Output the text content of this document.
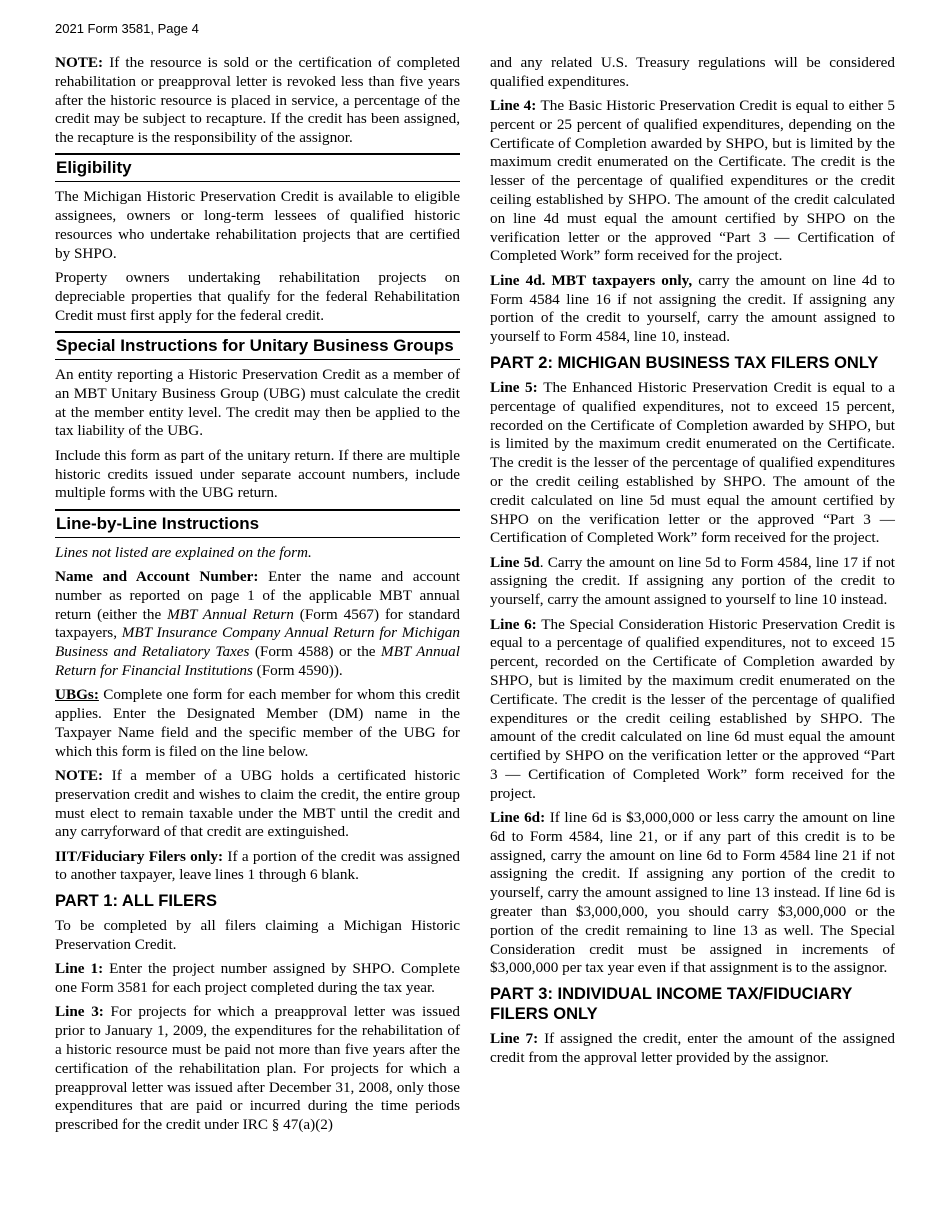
2021 Form 3581, Page 4

NOTE: If the resource is sold or the certification of completed rehabilitation or preapproval letter is revoked less than five years after the historic resource is placed in service, a percentage of the credit may be subject to recapture. If the credit has been assigned, the recapture is the responsibility of the assignor.

Eligibility

The Michigan Historic Preservation Credit is available to eligible assignees, owners or long-term lessees of qualified historic resources who undertake rehabilitation projects that are certified by SHPO.

Property owners undertaking rehabilitation projects on depreciable properties that qualify for the federal Rehabilitation Credit must first apply for the federal credit.

Special Instructions for Unitary Business Groups

An entity reporting a Historic Preservation Credit as a member of an MBT Unitary Business Group (UBG) must calculate the credit at the member entity level. The credit may then be applied to the tax liability of the UBG.

Include this form as part of the unitary return. If there are multiple historic credits issued under separate account numbers, include multiple forms with the UBG return.

Line-by-Line Instructions

Lines not listed are explained on the form.

Name and Account Number: Enter the name and account number as reported on page 1 of the applicable MBT annual return (either the MBT Annual Return (Form 4567) for standard taxpayers, MBT Insurance Company Annual Return for Michigan Business and Retaliatory Taxes (Form 4588) or the MBT Annual Return for Financial Institutions (Form 4590)).

UBGs: Complete one form for each member for whom this credit applies. Enter the Designated Member (DM) name in the Taxpayer Name field and the specific member of the UBG for which this form is filed on the line below.

NOTE: If a member of a UBG holds a certificated historic preservation credit and wishes to claim the credit, the entire group must elect to remain taxable under the MBT until the credit and any carryforward of that credit are extinguished.

IIT/Fiduciary Filers only: If a portion of the credit was assigned to another taxpayer, leave lines 1 through 6 blank.

PART 1: ALL FILERS

To be completed by all filers claiming a Michigan Historic Preservation Credit.

Line 1: Enter the project number assigned by SHPO. Complete one Form 3581 for each project completed during the tax year.

Line 3: For projects for which a preapproval letter was issued prior to January 1, 2009, the expenditures for the rehabilitation of a historic resource must be paid not more than five years after the certification of the rehabilitation plan. For projects for which a preapproval letter was issued after December 31, 2008, only those expenditures that are paid or incurred during the time periods prescribed for the credit under IRC § 47(a)(2)

and any related U.S. Treasury regulations will be considered qualified expenditures.

Line 4: The Basic Historic Preservation Credit is equal to either 5 percent or 25 percent of qualified expenditures, depending on the Certificate of Completion awarded by SHPO, but is limited by the maximum credit enumerated on the Certificate. The credit is the lesser of the percentage of qualified expenditures or the credit ceiling established by SHPO. The amount of the credit calculated on line 4d must equal the amount certified by SHPO on the verification letter or the approved “Part 3 — Certification of Completed Work” form received for the project.

Line 4d. MBT taxpayers only, carry the amount on line 4d to Form 4584 line 16 if not assigning the credit. If assigning any portion of the credit to yourself, carry the amount assigned to yourself to Form 4584, line 10, instead.

PART 2: MICHIGAN BUSINESS TAX FILERS ONLY

Line 5: The Enhanced Historic Preservation Credit is equal to a percentage of qualified expenditures, not to exceed 15 percent, recorded on the Certificate of Completion awarded by SHPO, but is limited by the maximum credit enumerated on the Certificate. The credit is the lesser of the percentage of qualified expenditures or the credit ceiling established by SHPO. The amount of the credit calculated on line 5d must equal the amount certified by SHPO on the verification letter or the approved “Part 3 — Certification of Completed Work” form received for the project.

Line 5d. Carry the amount on line 5d to Form 4584, line 17 if not assigning the credit. If assigning any portion of the credit to yourself, carry the amount assigned to yourself to line 10 instead.

Line 6: The Special Consideration Historic Preservation Credit is equal to a percentage of qualified expenditures, not to exceed 15 percent, recorded on the Certificate of Completion awarded by SHPO, but is limited by the maximum credit enumerated on the Certificate. The credit is the lesser of the percentage of qualified expenditures or the credit ceiling established by SHPO. The amount of the credit calculated on line 6d must equal the amount certified by SHPO on the verification letter or the approved “Part 3 — Certification of Completed Work” form received for the project.

Line 6d: If line 6d is $3,000,000 or less carry the amount on line 6d to Form 4584, line 21, or if any part of this credit is to be assigned, carry the amount on line 6d to Form 4584 line 21 if not assigning the credit. If assigning any portion of the credit to yourself, carry the amount assigned to line 13 instead. If line 6d is greater than $3,000,000, you should carry $3,000,000 or the portion of the credit remaining to line 13 as well. The Special Consideration credit must be assigned in increments of $3,000,000 per tax year even if that assignment is to the assignor.

PART 3: INDIVIDUAL INCOME TAX/FIDUCIARY FILERS ONLY

Line 7: If assigned the credit, enter the amount of the assigned credit from the approval letter provided by the assignor.
